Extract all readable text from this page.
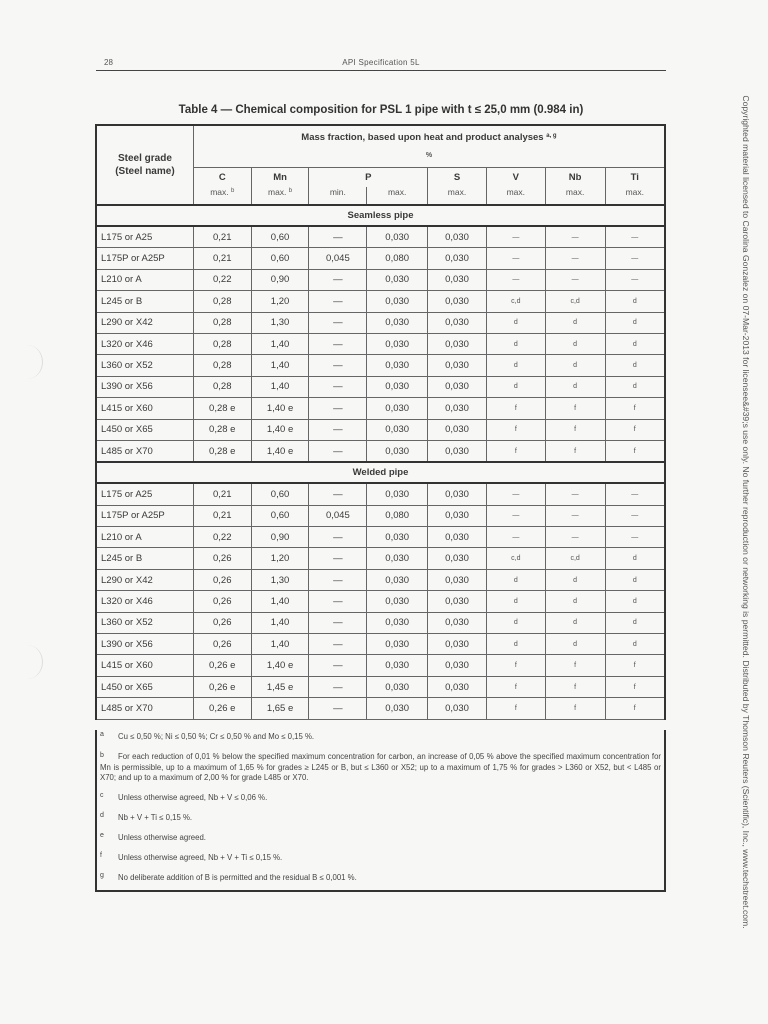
28	API Specification 5L
Table 4 — Chemical composition for PSL 1 pipe with t ≤ 25,0 mm (0.984 in)
Steel grade
(Steel name)	Mass fraction, based upon heat and product analyses $^{a, g}$
%							
	C	Mn	P		S	V	Nb	Ti
	max. $^b$	max. $^b$	min.	max.	max.	max.	max.	max.
Seamless pipe								
L175 or A25	0,21	0,60	—	0,030	0,030	—	—	—
L175P or A25P	0,21	0,60	0,045	0,080	0,030	—	—	—
L210 or A	0,22	0,90	—	0,030	0,030	—	—	—
L245 or B	0,28	1,20	—	0,030	0,030	c,d	c,d	d
L290 or X42	0,28	1,30	—	0,030	0,030	d	d	d
L320 or X46	0,28	1,40	—	0,030	0,030	d	d	d
L360 or X52	0,28	1,40	—	0,030	0,030	d	d	d
L390 or X56	0,28	1,40	—	0,030	0,030	d	d	d
L415 or X60	0,28 e	1,40 e	—	0,030	0,030	f	f	f
L450 or X65	0,28 e	1,40 e	—	0,030	0,030	f	f	f
L485 or X70	0,28 e	1,40 e	—	0,030	0,030	f	f	f
Welded pipe								
L175 or A25	0,21	0,60	—	0,030	0,030	—	—	—
L175P or A25P	0,21	0,60	0,045	0,080	0,030	—	—	—
L210 or A	0,22	0,90	—	0,030	0,030	—	—	—
L245 or B	0,26	1,20	—	0,030	0,030	c,d	c,d	d
L290 or X42	0,26	1,30	—	0,030	0,030	d	d	d
L320 or X46	0,26	1,40	—	0,030	0,030	d	d	d
L360 or X52	0,26	1,40	—	0,030	0,030	d	d	d
L390 or X56	0,26	1,40	—	0,030	0,030	d	d	d
L415 or X60	0,26 e	1,40 e	—	0,030	0,030	f	f	f
L450 or X65	0,26 e	1,45 e	—	0,030	0,030	f	f	f
L485 or X70	0,26 e	1,65 e	—	0,030	0,030	f	f	f
a	Cu ≤ 0,50 %; Ni ≤ 0,50 %; Cr ≤ 0,50 % and Mo ≤ 0,15 %.
b For each reduction of 0,01 % below the specified maximum concentration for carbon, an increase of 0,05 % above the specified maximum concentration for Mn is permissible, up to a maximum of 1,65 % for grades ≥ L245 or B, but ≤ L360 or X52; up to a maximum of 1,75 % for grades > L360 or X52, but < L485 or X70; and up to a maximum of 2,00 % for grade L485 or X70.
c	Unless otherwise agreed, Nb + V ≤ 0,06 %.
d	Nb + V + Ti ≤ 0,15 %.
e	Unless otherwise agreed.
f	Unless otherwise agreed, Nb + V + Ti ≤ 0,15 %.
g	No deliberate addition of B is permitted and the residual B ≤ 0,001 %.	Copyrighted material licensed to Carolina Gonzalez on 07-Mar-2013 for licensee&#39;s use only. No further reproduction or networking is permitted. Distributed by Thomson Reuters (Scientific), Inc., www.techstreet.com.
